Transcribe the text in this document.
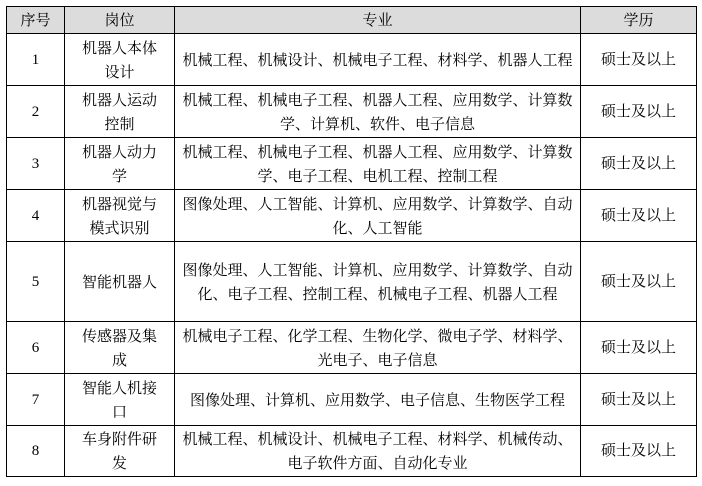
序号	岗位	专业	学历
1	机器人本体设计	机械工程、机械设计、机械电子工程、材料学、机器人工程	硕士及以上
2	机器人运动控制	机械工程、机械电子工程、机器人工程、应用数学、计算数学、计算机、软件、电子信息	硕士及以上
3	机器人动力学	机械工程、机械电子工程、机器人工程、应用数学、计算数学、电子工程、电机工程、控制工程	硕士及以上
4	机器视觉与模式识别	图像处理、人工智能、计算机、应用数学、计算数学、自动化、人工智能	硕士及以上
5	智能机器人	图像处理、人工智能、计算机、应用数学、计算数学、自动化、电子工程、控制工程、机械电子工程、机器人工程	硕士及以上
6	传感器及集成	机械电子工程、化学工程、生物化学、微电子学、材料学、光电子、电子信息	硕士及以上
7	智能人机接口	图像处理、计算机、应用数学、电子信息、生物医学工程	硕士及以上
8	车身附件研发	机械工程、机械设计、机械电子工程、材料学、机械传动、电子软件方面、自动化专业	硕士及以上
